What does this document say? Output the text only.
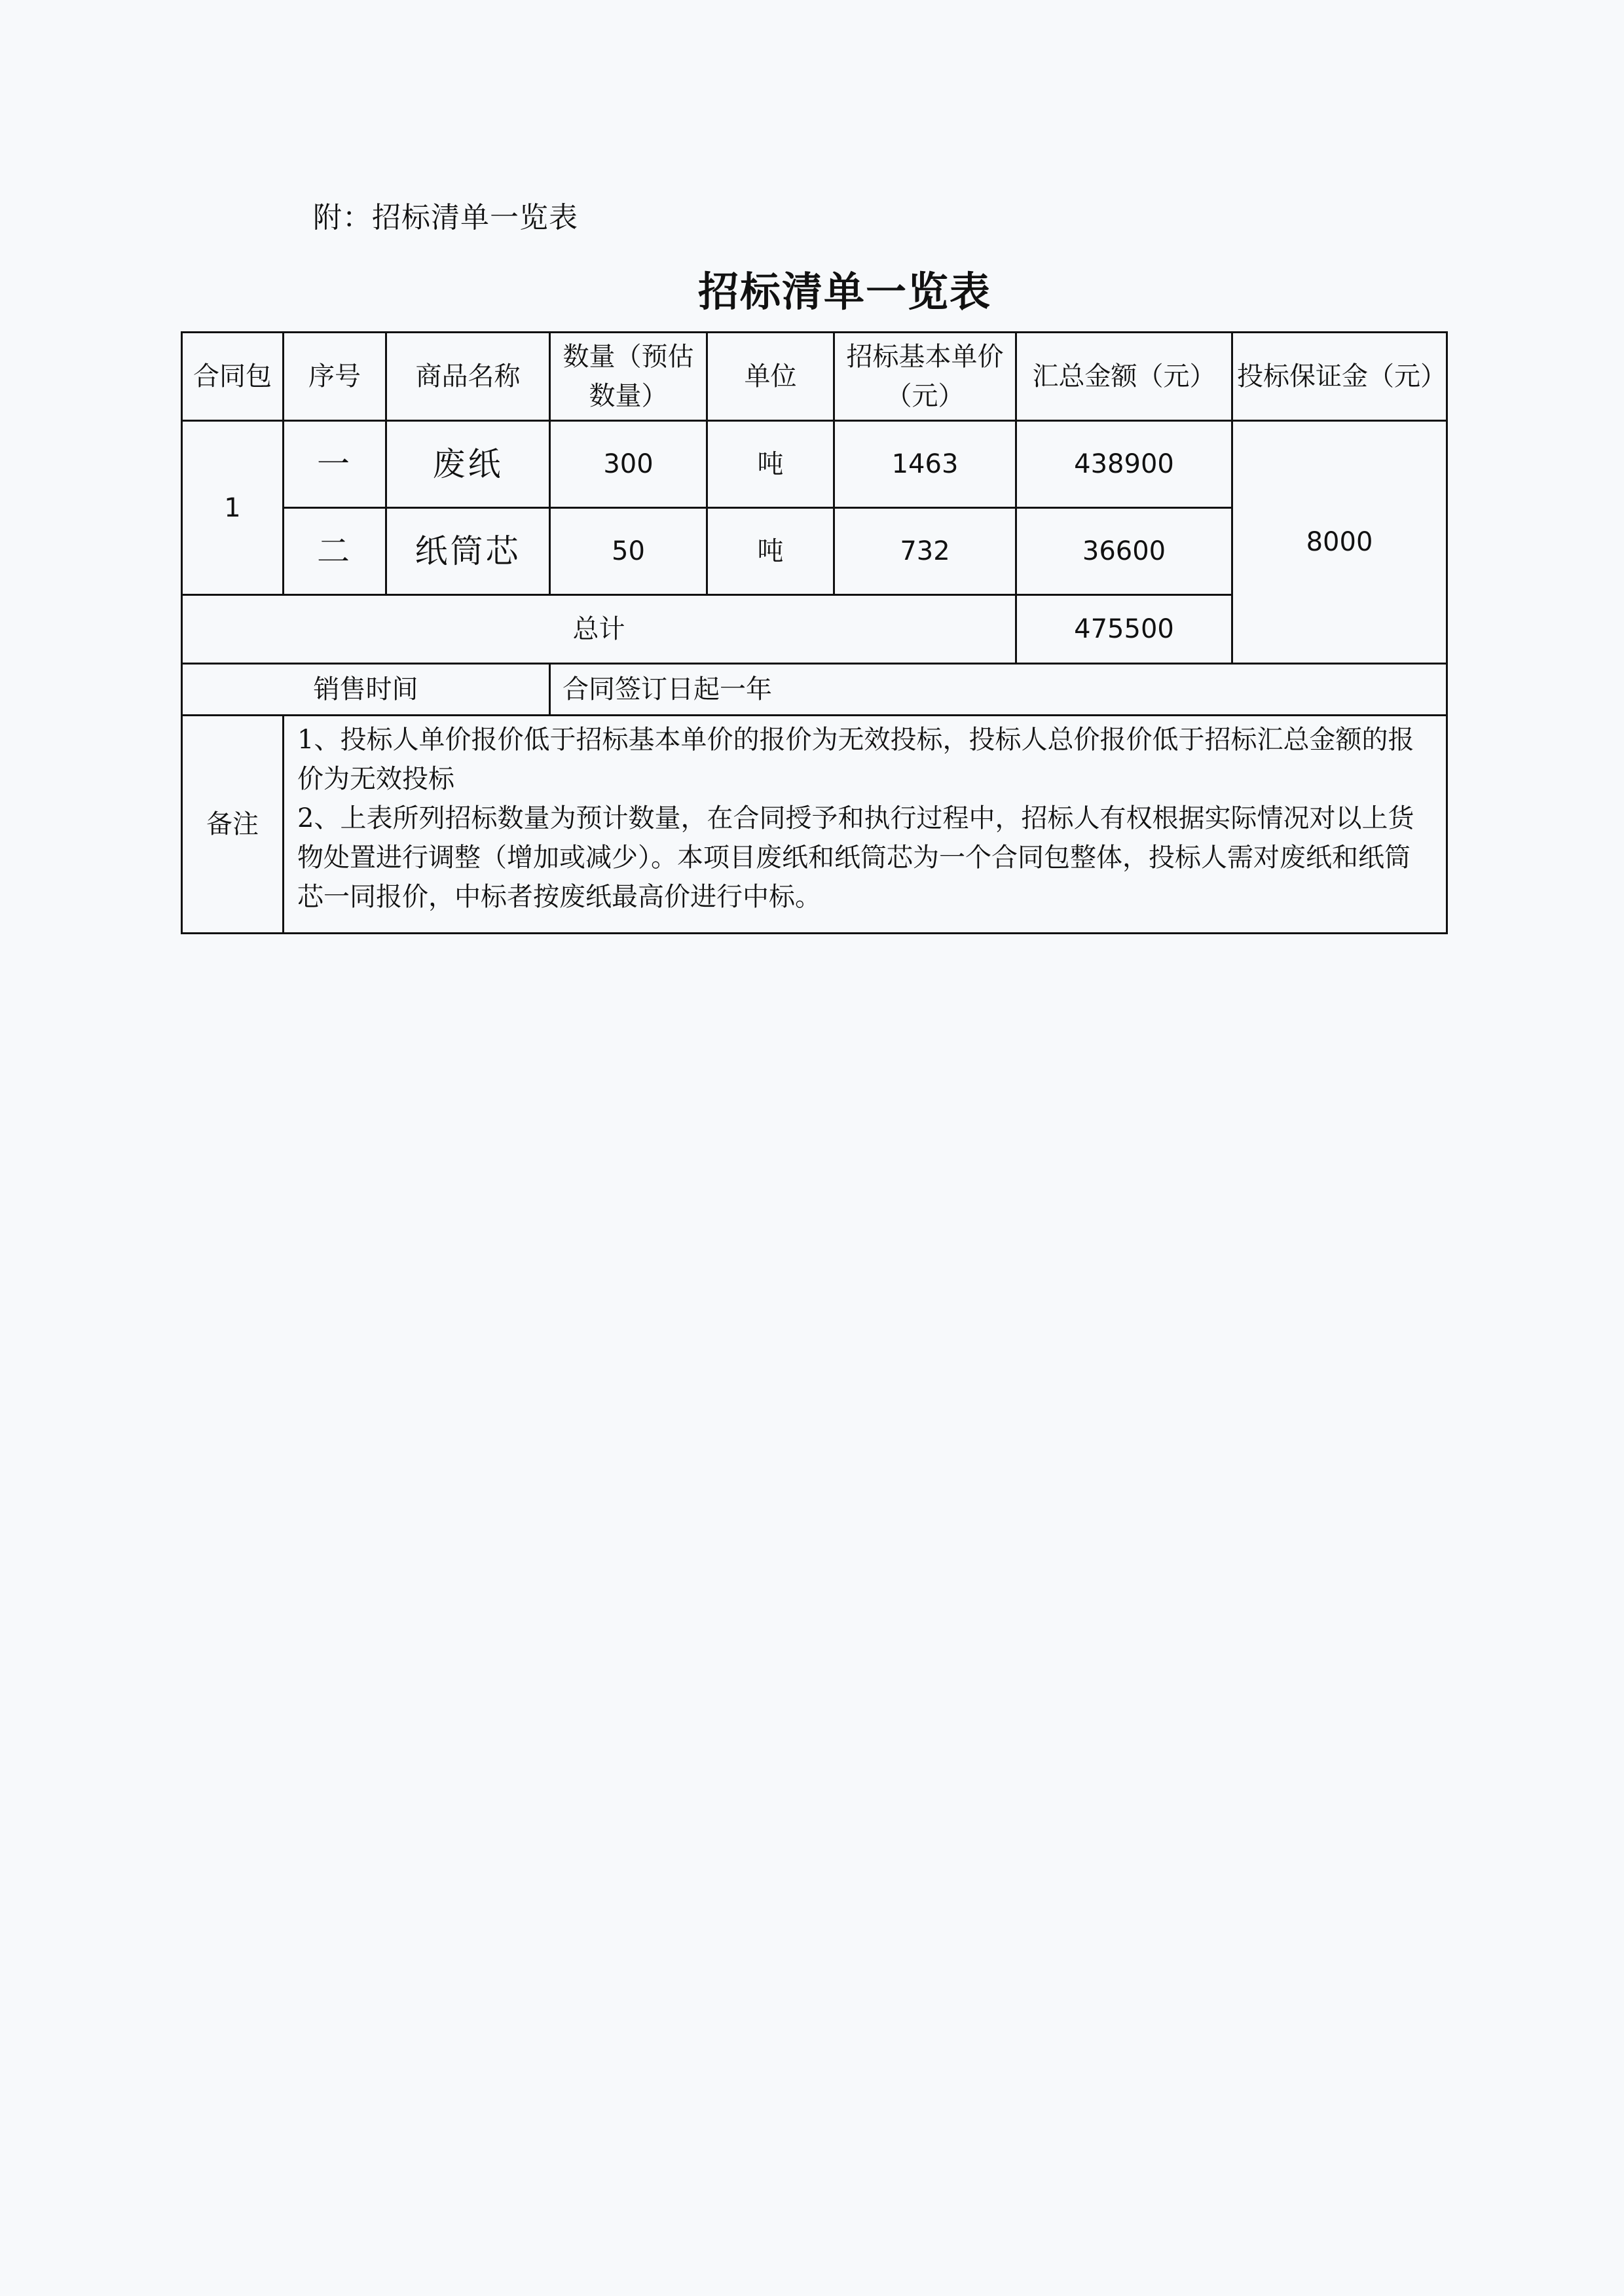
附：招标清单一览表
招标清单一览表
合同包	序号	商品名称	数量（预估数量）	单位	招标基本单价（元）	汇总金额（元）	投标保证金（元）
1	一	废纸	300	吨	1463	438900	8000
	二	纸筒芯	50	吨	732	36600	
总计						475500	
销售时间			合同签订日起一年				
备注	1、投标人单价报价低于招标基本单价的报价为无效投标，投标人总价报价低于招标汇总金额的报价为无效投标

2、上表所列招标数量为预计数量，在合同授予和执行过程中，招标人有权根据实际情况对以上货物处置进行调整（增加或减少）。本项目废纸和纸筒芯为一个合同包整体，投标人需对废纸和纸筒芯一同报价，中标者按废纸最高价进行中标。						
